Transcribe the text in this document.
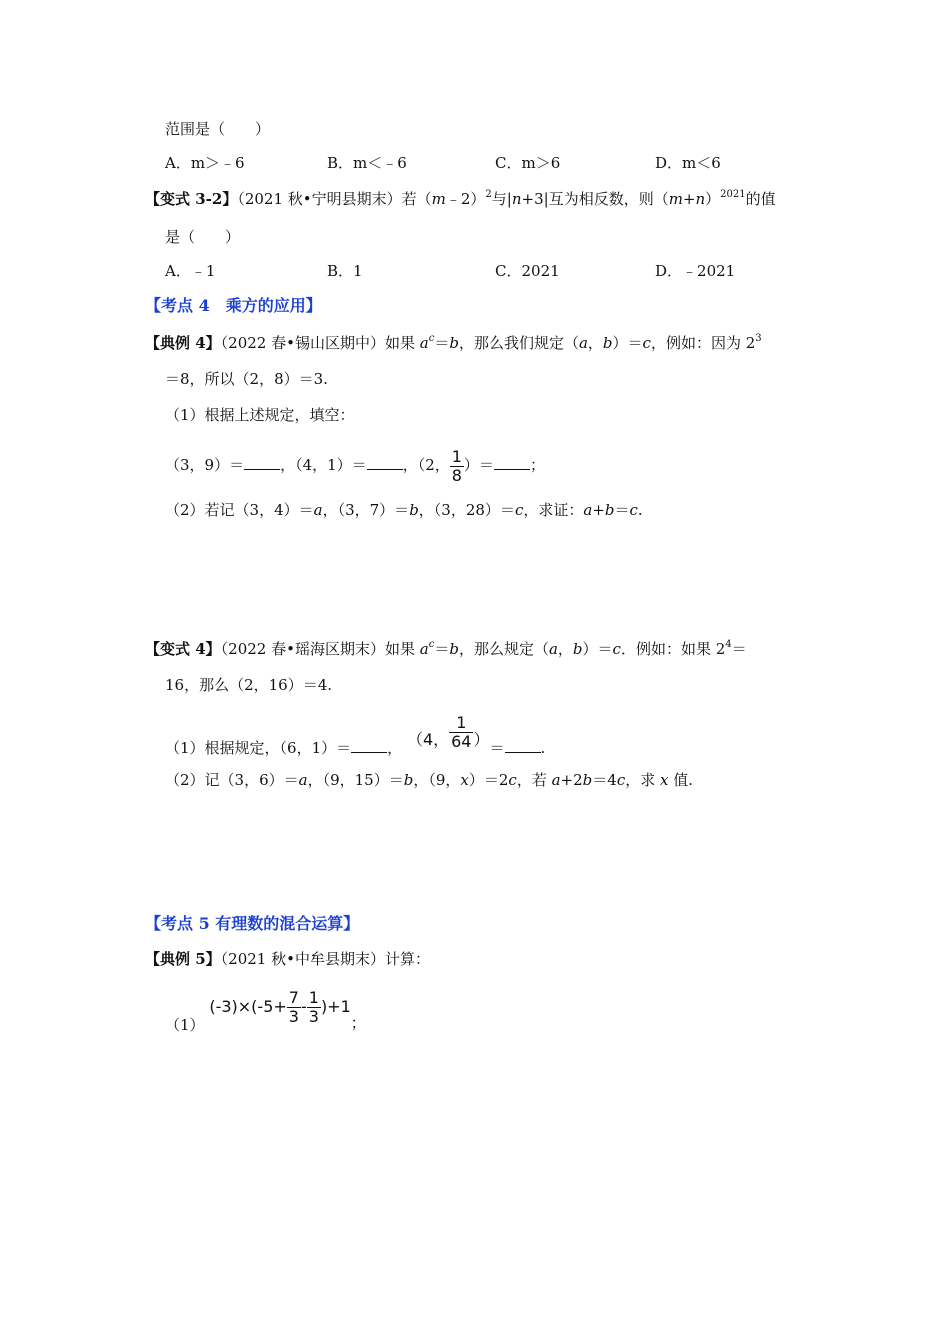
范围是（　　）
A．m＞﹣6	B．m＜﹣6	C．m＞6	D．m＜6
【变式 3-2】（2021 秋•宁明县期末）若（m﹣2）$^2$与|n+3|互为相反数，则$(m+n)^{2021}$的值
是（　　）
A．﹣1	B．1	C．2021	D．﹣2021
【考点 4　乘方的应用】
【典例 4】（2022 春•锡山区期中）如果 $a^c=b$，那么我们规定（a，b）＝c，例如：因为 $2^3$
＝8，所以（2，8）＝3.
（1）根据上述规定，填空：
（3，9）＝ ，（4，1）＝ ，（2， $\frac{1}{8}$ ）＝ ；
（2）若记（3，4）＝a，（3，7）＝b，（3，28）＝c，求证：a+b＝c.
【变式 4】（2022 春•瑶海区期末）如果 $a^c=b$，那么规定（a，b）＝c．例如：如果 $2^4=$
16，那么（2，16）＝4.
（1）根据规定，（6，1）＝ ， （4， $\frac{1}{64}$ ）＝ .
（2）记（3，6）＝a，（9，15）＝b，（9，x）＝2c，若 a+2b＝4c，求 x 值.
【考点 5 有理数的混合运算】
【典例 5】（2021 秋•中牟县期末）计算：
（1） $(-3)\times(-5+ \frac{7}{3} - \frac{1}{3} )+1$；
